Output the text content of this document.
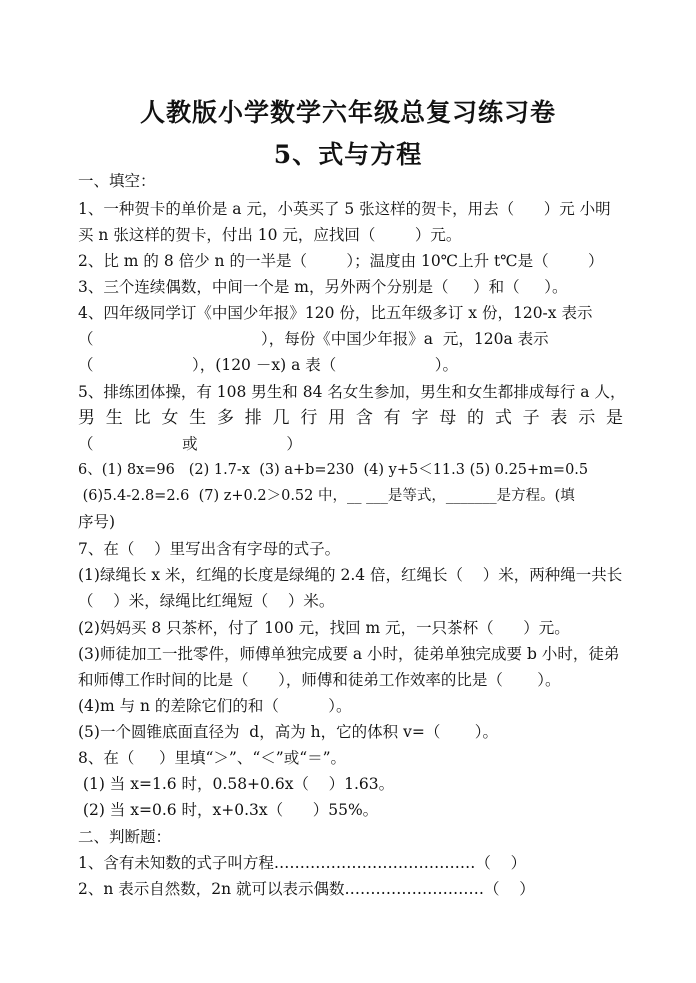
人教版小学数学六年级总复习练习卷
5、式与方程
一、填空：
1、一种贺卡的单价是 a 元，小英买了 5 张这样的贺卡，用去（      ）元 小明
买 n 张这样的贺卡，付出 10 元，应找回（        ）元。
2、比 m 的 8 倍少 n 的一半是（        ）；温度由 10℃上升 t℃是（        ）
3、三个连续偶数，中间一个是 m，另外两个分别是（     ）和（     ）。
4、四年级同学订《中国少年报》120 份，比五年级多订 x 份，120-x 表示
（                                  ），每份《中国少年报》a  元，120a 表示
（                    ），(120 －x) a 表（                    ）。
5、排练团体操，有 108 男生和 84 名女生参加，男生和女生都排成每行 a 人，
男生比女生多排几行用含有字母的式子表示是
（                  或                  ）
6、(1) 8x=96   (2) 1.7-x  (3) a+b=230  (4) y+5＜11.3 (5) 0.25+m=0.5
(6)5.4-2.8=2.6  (7) z+0.2＞0.52 中，__ ___是等式，_______是方程。(填
序号)
7、在（    ）里写出含有字母的式子。
(1)绿绳长 x 米，红绳的长度是绿绳的 2.4 倍，红绳长（    ）米，两种绳一共长
（    ）米，绿绳比红绳短（    ）米。
(2)妈妈买 8 只茶杯，付了 100 元，找回 m 元，一只茶杯（      ）元。
(3)师徒加工一批零件，师傅单独完成要 a 小时，徒弟单独完成要 b 小时，徒弟
和师傅工作时间的比是（      ），师傅和徒弟工作效率的比是（       ）。
(4)m 与 n 的差除它们的和（          ）。
(5)一个圆锥底面直径为  d，高为 h，它的体积 v=（       ）。
8、在（     ）里填“＞”、“＜”或“＝”。
(1) 当 x=1.6 时，0.58+0.6x（    ）1.63。
(2) 当 x=0.6 时，x+0.3x（      ）55%。
二、判断题：
1、含有未知数的式子叫方程…………………………………（    ）
2、n 表示自然数，2n 就可以表示偶数………………………（    ）
